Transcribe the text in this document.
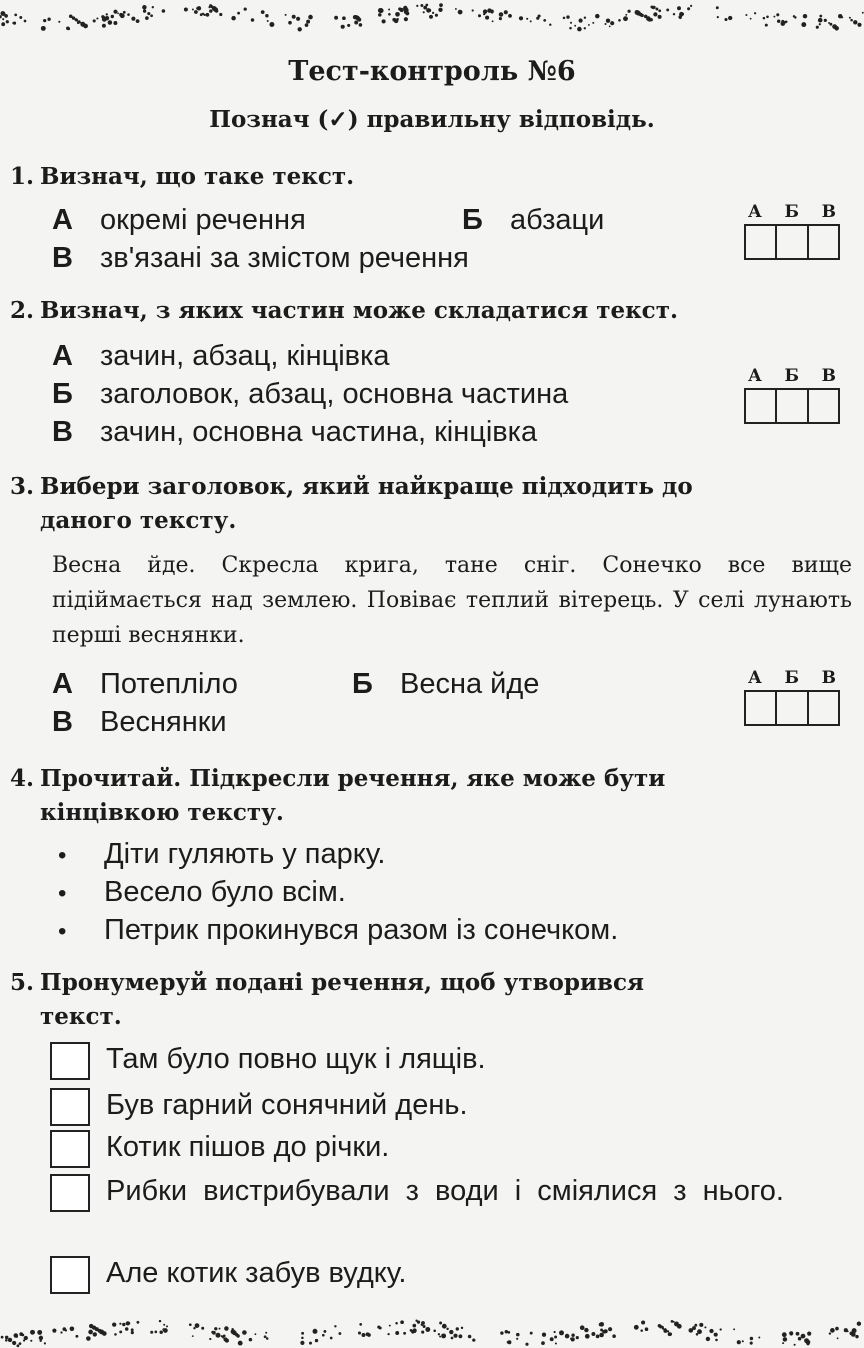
Тест-контроль №6
Познач (✓) правильну відповідь.
1. Визнач, що таке текст.
А окремі речення	Б абзаци
В зв'язані за змістом речення
А Б В
2. Визнач, з яких частин може складатися текст.
А зачин, абзац, кінцівка
Б заголовок, абзац, основна частина
В зачин, основна частина, кінцівка
А Б В
3. Вибери заголовок, який найкраще підходить до
даного тексту.
Весна йде. Скресла крига, тане сніг. Сонечко все вище підіймається над землею. Повіває теплий вітерець. У селі лунають перші веснянки.
А Потепліло	Б Весна йде
В Веснянки
А Б В
4. Прочитай. Підкресли речення, яке може бути
кінцівкою тексту.
• Діти гуляють у парку.
• Весело було всім.
• Петрик прокинувся разом із сонечком.
5. Пронумеруй подані речення, щоб утворився
текст.
Там було повно щук і лящів.
Був гарний сонячний день.
Котик пішов до річки.
Рибки вистрибували з води і сміялися з нього.
Але котик забув вудку.
